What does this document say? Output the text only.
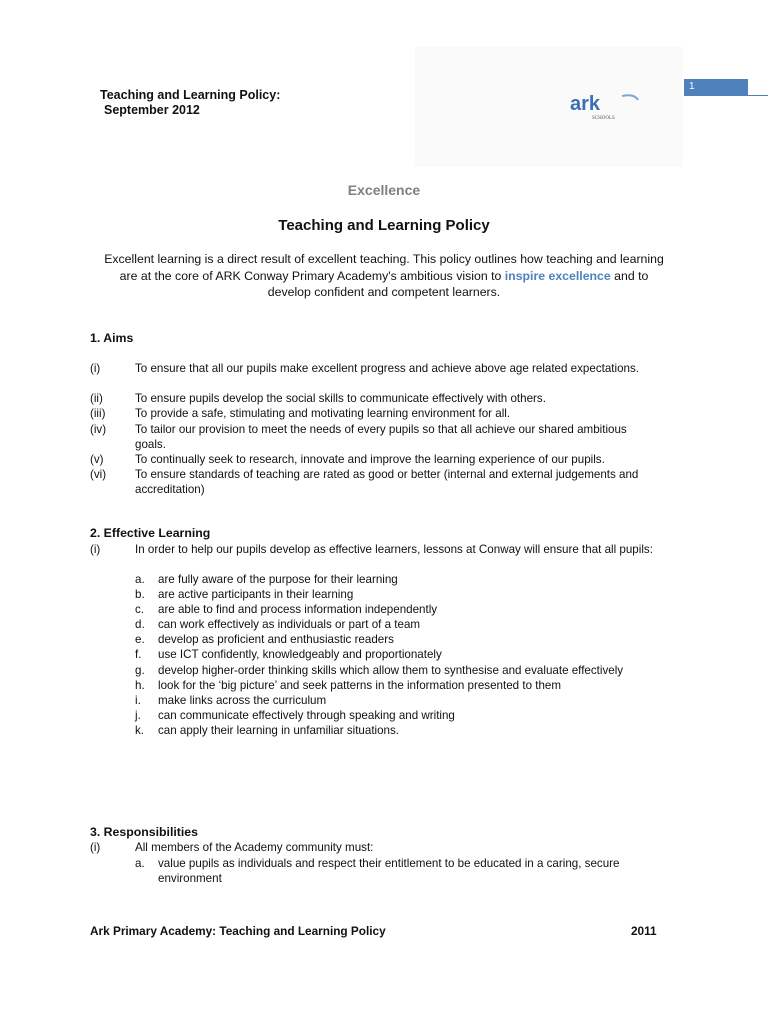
Teaching and Learning Policy:
September 2012	ark
SCHOOLS
1
Excellence
Teaching and Learning Policy
Excellent learning is a direct result of excellent teaching. This policy outlines how teaching and learning are at the core of ARK Conway Primary Academy's ambitious vision to inspire excellence and to develop confident and competent learners.
1. Aims
(i)	To ensure that all our pupils make excellent progress and achieve above age related expectations.
(ii)	To ensure pupils develop the social skills to communicate effectively with others.
(iii)	To provide a safe, stimulating and motivating learning environment for all.
(iv) To tailor our provision to meet the needs of every pupils so that all achieve our shared ambitious goals.
(v)	To continually seek to research, innovate and improve the learning experience of our pupils.
(vi) To ensure standards of teaching are rated as good or better (internal and external judgements and accreditation)
2. Effective Learning
(i)	In order to help our pupils develop as effective learners, lessons at Conway will ensure that all pupils:
a. are fully aware of the purpose for their learning
b. are active participants in their learning
c. are able to find and process information independently
d. can work effectively as individuals or part of a team
e. develop as proficient and enthusiastic readers
f. use ICT confidently, knowledgeably and proportionately
g. develop higher-order thinking skills which allow them to synthesise and evaluate effectively
h. look for the ‘big picture’ and seek patterns in the information presented to them
i. make links across the curriculum
j. can communicate effectively through speaking and writing
k. can apply their learning in unfamiliar situations.
3. Responsibilities
(i)	All members of the Academy community must:
a. value pupils as individuals and respect their entitlement to be educated in a caring, secure environment
Ark Primary Academy: Teaching and Learning Policy	2011
